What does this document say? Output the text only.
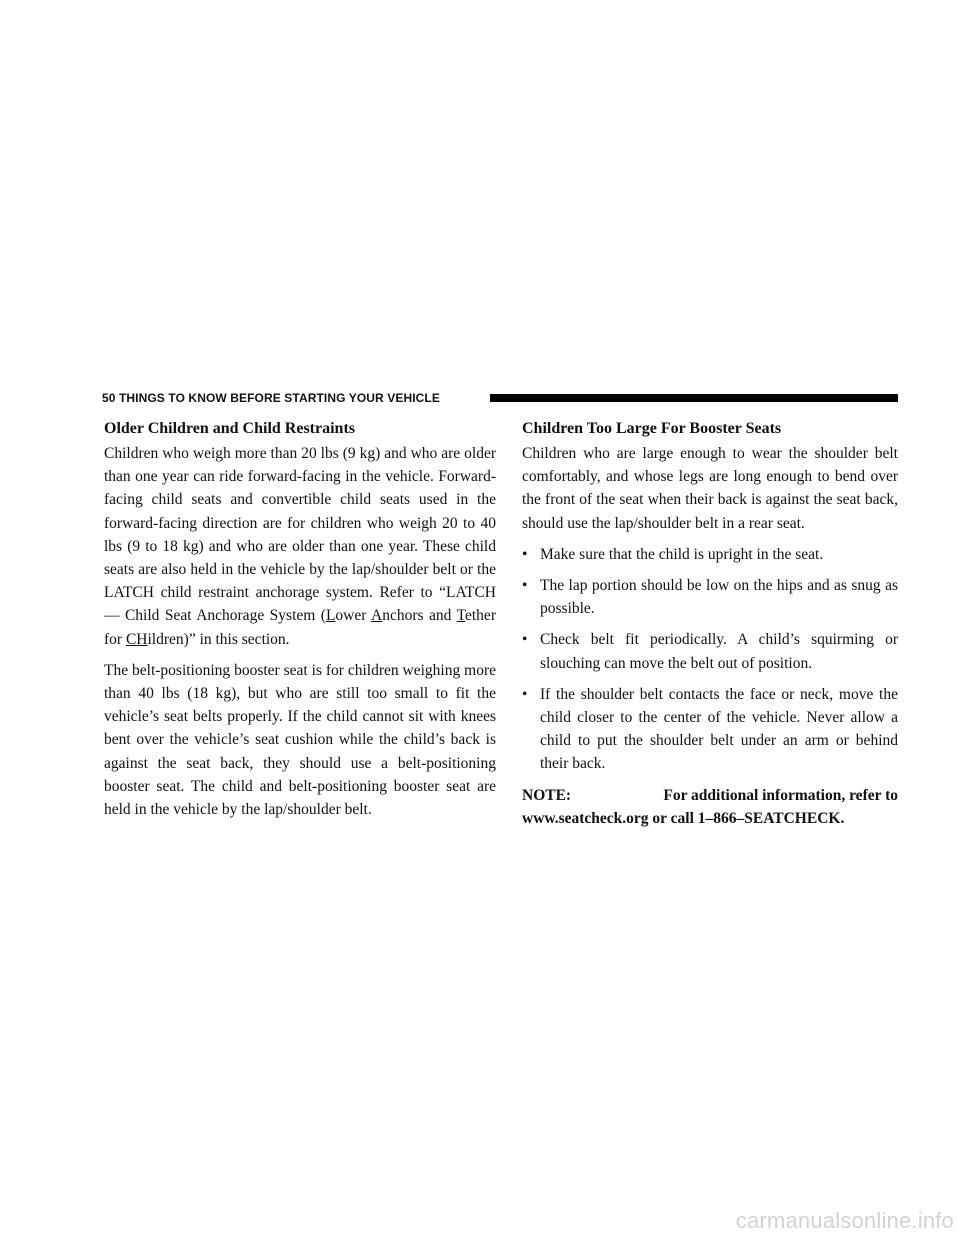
50 THINGS TO KNOW BEFORE STARTING YOUR VEHICLE
Older Children and Child Restraints

Children who weigh more than 20 lbs (9 kg) and who are older than one year can ride forward-facing in the vehicle. Forward-facing child seats and convertible child seats used in the forward-facing direction are for children who weigh 20 to 40 lbs (9 to 18 kg) and who are older than one year. These child seats are also held in the vehicle by the lap/shoulder belt or the LATCH child restraint anchorage system. Refer to “LATCH — Child Seat Anchorage System (Lower Anchors and Tether for CHildren)” in this section.

The belt-positioning booster seat is for children weighing more than 40 lbs (18 kg), but who are still too small to fit the vehicle’s seat belts properly. If the child cannot sit with knees bent over the vehicle’s seat cushion while the child’s back is against the seat back, they should use a belt-positioning booster seat. The child and belt-positioning booster seat are held in the vehicle by the lap/shoulder belt.

Children Too Large For Booster Seats

Children who are large enough to wear the shoulder belt comfortably, and whose legs are long enough to bend over the front of the seat when their back is against the seat back, should use the lap/shoulder belt in a rear seat.

• Make sure that the child is upright in the seat.
• The lap portion should be low on the hips and as snug as possible.
• Check belt fit periodically. A child’s squirming or slouching can move the belt out of position.
• If the shoulder belt contacts the face or neck, move the child closer to the center of the vehicle. Never allow a child to put the shoulder belt under an arm or behind their back.
NOTE:	For additional information, refer to
www.seatcheck.org or call 1–866–SEATCHECK.
carmanualsonline.info
